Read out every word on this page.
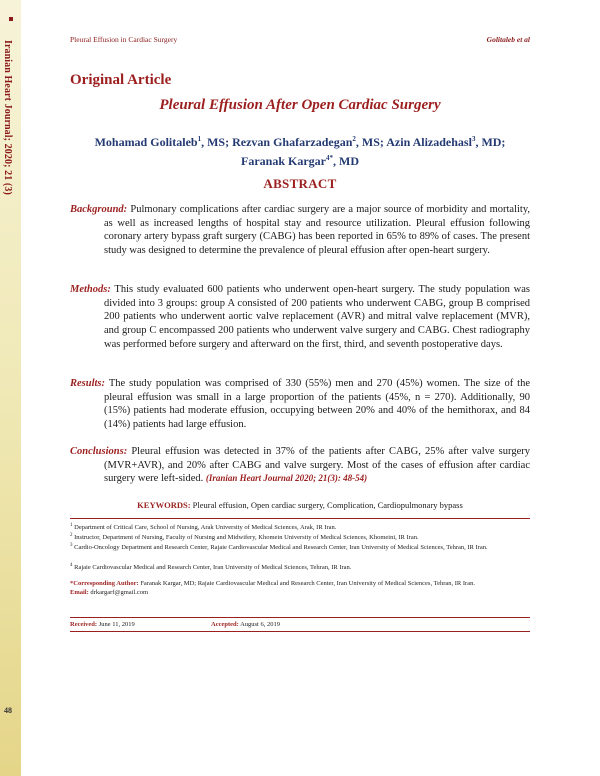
Iranian Heart Journal; 2020; 21 (3)
48
Pleural Effusion in Cardiac Surgery	Golitaleb et al
Original Article
Pleural Effusion After Open Cardiac Surgery
Mohamad Golitaleb$^1$, MS; Rezvan Ghafarzadegan$^2$, MS; Azin Alizadehasl$^3$, MD;
Faranak Kargar$^{4*}$, MD
ABSTRACT
Background: Pulmonary complications after cardiac surgery are a major source of morbidity and mortality, as well as increased lengths of hospital stay and resource utilization. Pleural effusion following coronary artery bypass graft surgery (CABG) has been reported in 65% to 89% of cases. The present study was designed to determine the prevalence of pleural effusion after open-heart surgery.
Methods: This study evaluated 600 patients who underwent open-heart surgery. The study population was divided into 3 groups: group A consisted of 200 patients who underwent CABG, group B comprised 200 patients who underwent aortic valve replacement (AVR) and mitral valve replacement (MVR), and group C encompassed 200 patients who underwent valve surgery and CABG. Chest radiography was performed before surgery and afterward on the first, third, and seventh postoperative days.
Results: The study population was comprised of 330 (55%) men and 270 (45%) women. The size of the pleural effusion was small in a large proportion of the patients (45%, n = 270). Additionally, 90 (15%) patients had moderate effusion, occupying between 20% and 40% of the hemithorax, and 84 (14%) patients had large effusion.
Conclusions: Pleural effusion was detected in 37% of the patients after CABG, 25% after valve surgery (MVR+AVR), and 20% after CABG and valve surgery. Most of the cases of effusion after cardiac surgery were left-sided. (Iranian Heart Journal 2020; 21(3): 48-54)
KEYWORDS: Pleural effusion, Open cardiac surgery, Complication, Cardiopulmonary bypass
$^1$ Department of Critical Care, School of Nursing, Arak University of Medical Sciences, Arak, IR Iran.
$^2$ Instructor, Department of Nursing, Faculty of Nursing and Midwifery, Khomein University of Medical Sciences, Khomeini, IR Iran.
$^3$ Cardio-Oncology Department and Research Center, Rajaie Cardiovascular Medical and Research Center, Iran University of Medical Sciences, Tehran, IR Iran.
$^4$ Rajaie Cardiovascular Medical and Research Center, Iran University of Medical Sciences, Tehran, IR Iran.
*Corresponding Author: Faranak Kargar, MD; Rajaie Cardiovascular Medical and Research Center, Iran University of Medical Sciences, Tehran, IR Iran.
Email: drkargarf@gmail.com
Received: June 11, 2019	Accepted: August 6, 2019
